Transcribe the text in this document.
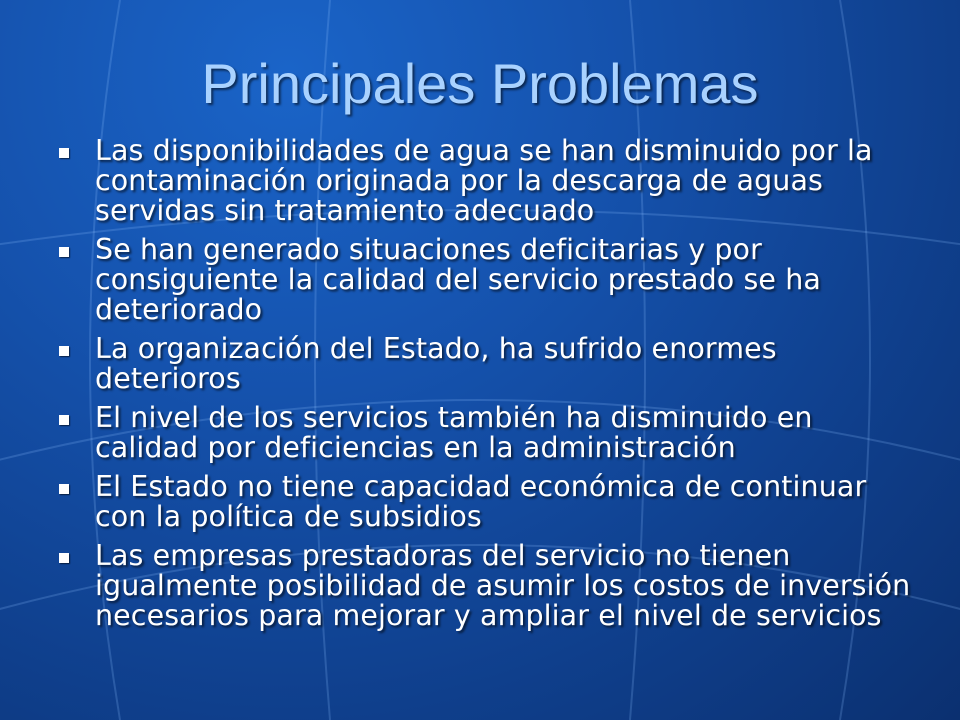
Principales Problemas
Las disponibilidades de agua se han disminuido por la contaminación originada por la descarga de aguas servidas sin tratamiento adecuado
Se han generado situaciones deficitarias y por consiguiente la calidad del servicio prestado se ha deteriorado
La organización del Estado, ha sufrido enormes deterioros
El nivel de los servicios también ha disminuido en calidad por deficiencias en la administración
El Estado no tiene capacidad económica de continuar con la política de subsidios
Las empresas prestadoras del servicio no tienen igualmente posibilidad de asumir los costos de inversión necesarios para mejorar y ampliar el nivel de servicios
